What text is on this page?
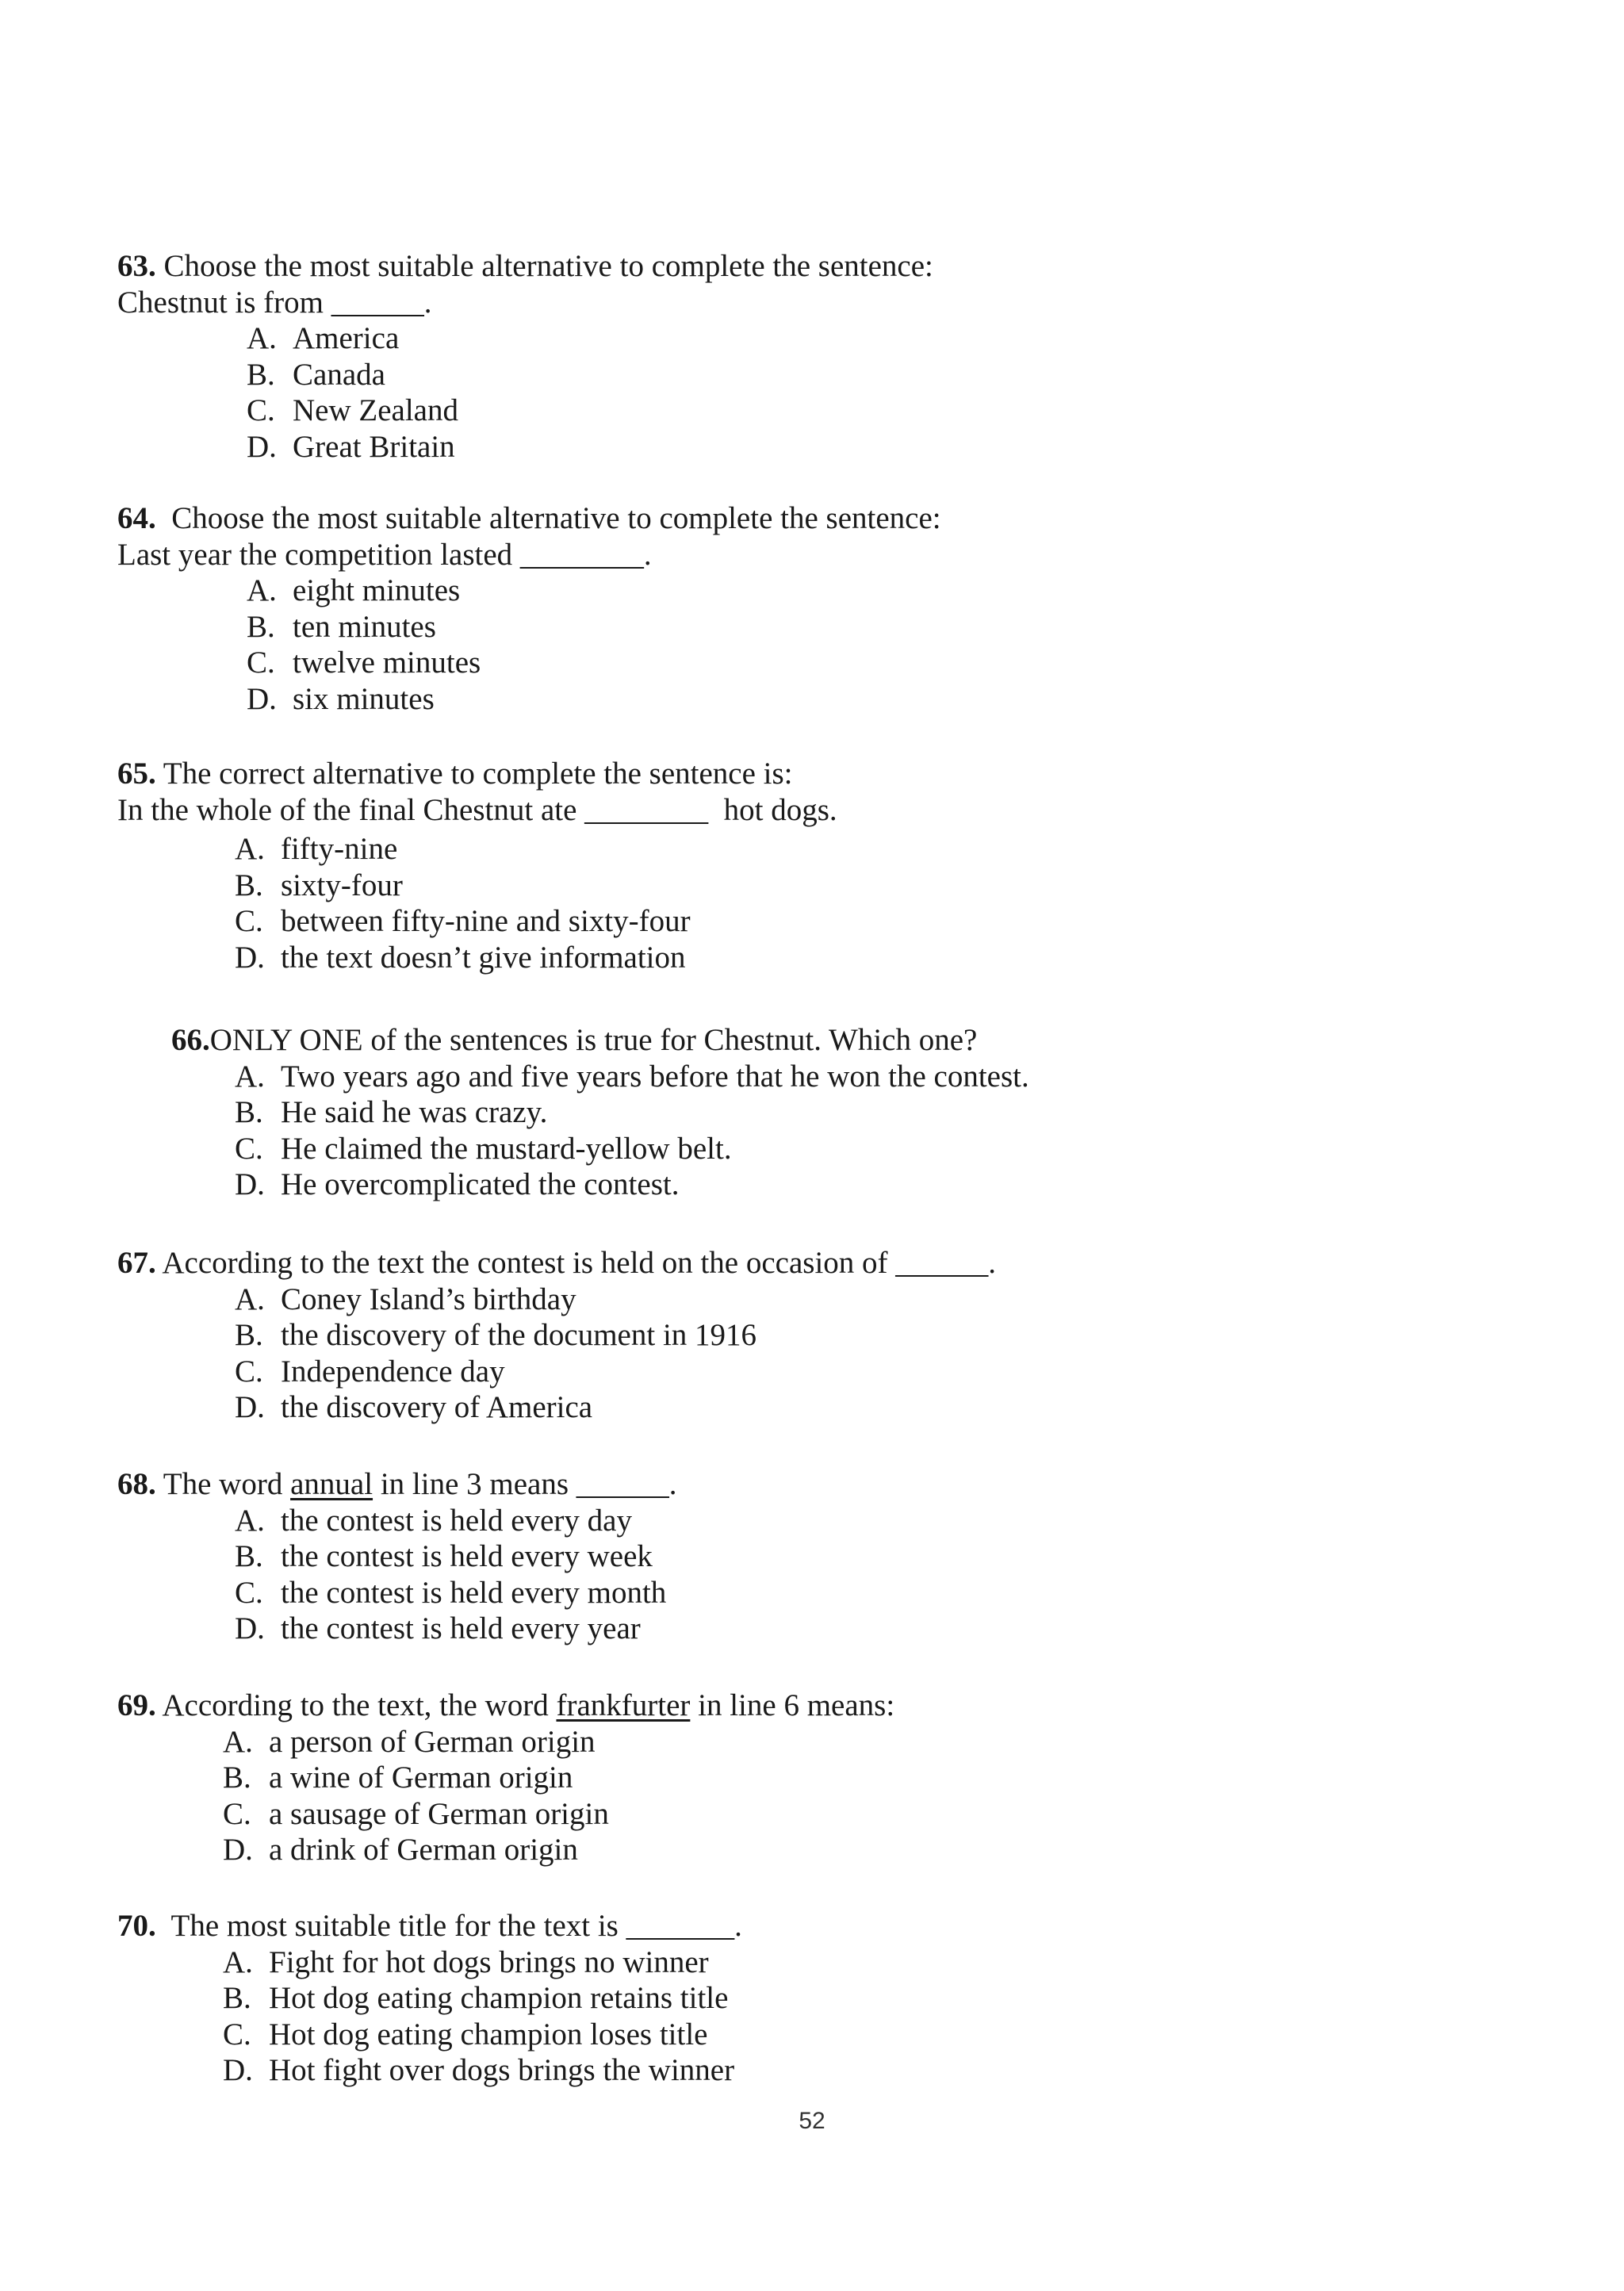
63. Choose the most suitable alternative to complete the sentence:
Chestnut is from ______.
A. America
B. Canada
C. New Zealand
D. Great Britain
64.  Choose the most suitable alternative to complete the sentence:
Last year the competition lasted ________.
A. eight minutes
B. ten minutes
C. twelve minutes
D. six minutes
65. The correct alternative to complete the sentence is:
In the whole of the final Chestnut ate ________  hot dogs.
A. fifty-nine
B. sixty-four
C. between fifty-nine and sixty-four
D. the text doesn’t give information
66.ONLY ONE of the sentences is true for Chestnut. Which one?
A. Two years ago and five years before that he won the contest.
B. He said he was crazy.
C. He claimed the mustard-yellow belt.
D. He overcomplicated the contest.
67. According to the text the contest is held on the occasion of ______.
A. Coney Island’s birthday
B. the discovery of the document in 1916
C. Independence day
D. the discovery of America
68. The word annual in line 3 means ______.
A. the contest is held every day
B. the contest is held every week
C. the contest is held every month
D. the contest is held every year
69. According to the text, the word frankfurter in line 6 means:
A. a person of German origin
B. a wine of German origin
C. a sausage of German origin
D. a drink of German origin
70.  The most suitable title for the text is _______.
A. Fight for hot dogs brings no winner
B. Hot dog eating champion retains title
C. Hot dog eating champion loses title
D. Hot fight over dogs brings the winner
52
